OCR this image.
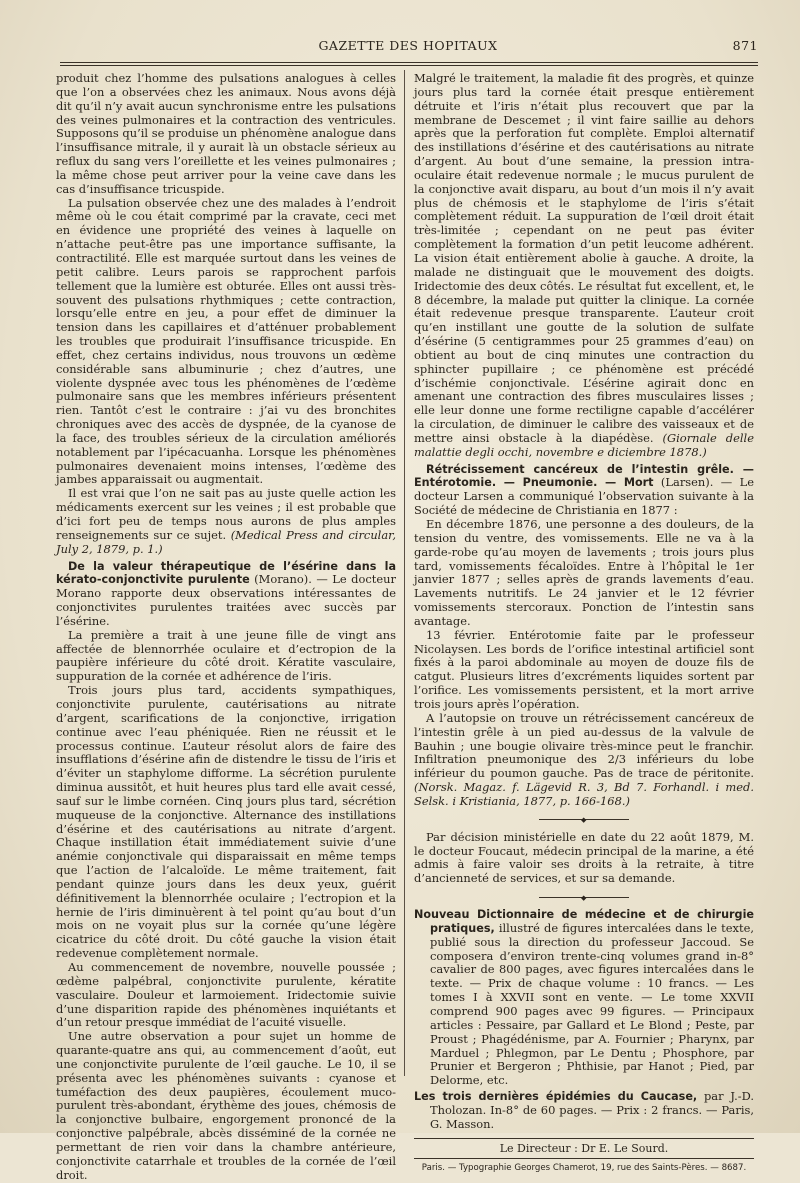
GAZETTE DES HOPITAUX	871

produit chez l’homme des pulsations analogues à celles que l’on a observées chez les animaux. Nous avons déjà dit qu’il n’y avait aucun synchronisme entre les pulsations des veines pulmonaires et la contraction des ventricules. Supposons qu’il se produise un phénomène analogue dans l’insuffisance mitrale, il y aurait là un obstacle sérieux au reflux du sang vers l’oreillette et les veines pulmonaires ; la même chose peut arriver pour la veine cave dans les cas d’insuffisance tricuspide.

La pulsation observée chez une des malades à l’endroit même où le cou était comprimé par la cravate, ceci met en évidence une propriété des veines à laquelle on n’attache peut-être pas une importance suffisante, la contractilité. Elle est marquée surtout dans les veines de petit calibre. Leurs parois se rapprochent parfois tellement que la lumière est obturée. Elles ont aussi très-souvent des pulsations rhythmiques ; cette contraction, lorsqu’elle entre en jeu, a pour effet de diminuer la tension dans les capillaires et d’atténuer probablement les troubles que produirait l’insuffisance tricuspide. En effet, chez certains individus, nous trouvons un œdème considérable sans albuminurie ; chez d’autres, une violente dyspnée avec tous les phénomènes de l’œdème pulmonaire sans que les membres inférieurs présentent rien. Tantôt c’est le contraire : j’ai vu des bronchites chroniques avec des accès de dyspnée, de la cyanose de la face, des troubles sérieux de la circulation améliorés notablement par l’ipécacuanha. Lorsque les phénomènes pulmonaires devenaient moins intenses, l’œdème des jambes apparaissait ou augmentait.

Il est vrai que l’on ne sait pas au juste quelle action les médicaments exercent sur les veines ; il est probable que d’ici fort peu de temps nous aurons de plus amples renseignements sur ce sujet. (Medical Press and circular, July 2, 1879, p. 1.)

De la valeur thérapeutique de l’ésérine dans la kérato-conjonctivite purulente (Morano). — Le docteur Morano rapporte deux observations intéressantes de conjonctivites purulentes traitées avec succès par l’ésérine.

La première a trait à une jeune fille de vingt ans affectée de blennorrhée oculaire et d’ectropion de la paupière inférieure du côté droit. Kératite vasculaire, suppuration de la cornée et adhérence de l’iris.

Trois jours plus tard, accidents sympathiques, conjonctivite purulente, cautérisations au nitrate d’argent, scarifications de la conjonctive, irrigation continue avec l’eau phéniquée. Rien ne réussit et le processus continue. L’auteur résolut alors de faire des insufflations d’ésérine afin de distendre le tissu de l’iris et d’éviter un staphylome difforme. La sécrétion purulente diminua aussitôt, et huit heures plus tard elle avait cessé, sauf sur le limbe cornéen. Cinq jours plus tard, sécrétion muqueuse de la conjonctive. Alternance des instillations d’ésérine et des cautérisations au nitrate d’argent. Chaque instillation était immédiatement suivie d’une anémie conjonctivale qui disparaissait en même temps que l’action de l’alcaloïde. Le même traitement, fait pendant quinze jours dans les deux yeux, guérit définitivement la blennorrhée oculaire ; l’ectropion et la hernie de l’iris diminuèrent à tel point qu’au bout d’un mois on ne voyait plus sur la cornée qu’une légère cicatrice du côté droit. Du côté gauche la vision était redevenue complètement normale.

Au commencement de novembre, nouvelle poussée ; œdème palpébral, conjonctivite purulente, kératite vasculaire. Douleur et larmoiement. Iridectomie suivie d’une disparition rapide des phénomènes inquiétants et d’un retour presque immédiat de l’acuité visuelle.

Une autre observation a pour sujet un homme de quarante-quatre ans qui, au commencement d’août, eut une conjonctivite purulente de l’œil gauche. Le 10, il se présenta avec les phénomènes suivants : cyanose et tuméfaction des deux paupières, écoulement muco-purulent très-abondant, érythème des joues, chémosis de la conjonctive bulbaire, engorgement prononcé de la conjonctive palpébrale, abcès disséminé de la cornée ne permettant de rien voir dans la chambre antérieure, conjonctivite catarrhale et troubles de la cornée de l’œil droit.

Malgré le traitement, la maladie fit des progrès, et quinze jours plus tard la cornée était presque entièrement détruite et l’iris n’était plus recouvert que par la membrane de Descemet ; il vint faire saillie au dehors après que la perforation fut complète. Emploi alternatif des instillations d’ésérine et des cautérisations au nitrate d’argent. Au bout d’une semaine, la pression intra-oculaire était redevenue normale ; le mucus purulent de la conjonctive avait disparu, au bout d’un mois il n’y avait plus de chémosis et le staphylome de l’iris s’était complètement réduit. La suppuration de l’œil droit était très-limitée ; cependant on ne peut pas éviter complètement la formation d’un petit leucome adhérent. La vision était entièrement abolie à gauche. A droite, la malade ne distinguait que le mouvement des doigts. Iridectomie des deux côtés. Le résultat fut excellent, et, le 8 décembre, la malade put quitter la clinique. La cornée était redevenue presque transparente. L’auteur croit qu’en instillant une goutte de la solution de sulfate d’ésérine (5 centigrammes pour 25 grammes d’eau) on obtient au bout de cinq minutes une contraction du sphincter pupillaire ; ce phénomène est précédé d’ischémie conjonctivale. L’ésérine agirait donc en amenant une contraction des fibres musculaires lisses ; elle leur donne une forme rectiligne capable d’accélérer la circulation, de diminuer le calibre des vaisseaux et de mettre ainsi obstacle à la diapédèse. (Giornale delle malattie degli occhi, novembre e diciembre 1878.)

Rétrécissement cancéreux de l’intestin grêle. — Entérotomie. — Pneumonie. — Mort (Larsen). — Le docteur Larsen a communiqué l’observation suivante à la Société de médecine de Christiania en 1877 :

En décembre 1876, une personne a des douleurs, de la tension du ventre, des vomissements. Elle ne va à la garde-robe qu’au moyen de lavements ; trois jours plus tard, vomissements fécaloïdes. Entre à l’hôpital le 1er janvier 1877 ; selles après de grands lavements d’eau. Lavements nutritifs. Le 24 janvier et le 12 février vomissements stercoraux. Ponction de l’intestin sans avantage.

13 février. Entérotomie faite par le professeur Nicolaysen. Les bords de l’orifice intestinal artificiel sont fixés à la paroi abdominale au moyen de douze fils de catgut. Plusieurs litres d’excréments liquides sortent par l’orifice. Les vomissements persistent, et la mort arrive trois jours après l’opération.

A l’autopsie on trouve un rétrécissement cancéreux de l’intestin grêle à un pied au-dessus de la valvule de Bauhin ; une bougie olivaire très-mince peut le franchir. Infiltration pneumonique des 2/3 inférieurs du lobe inférieur du poumon gauche. Pas de trace de péritonite. (Norsk. Magaz. f. Lägevid R. 3, Bd 7. Forhandl. i med. Selsk. i Kristiania, 1877, p. 166-168.)

◆

Par décision ministérielle en date du 22 août 1879, M. le docteur Foucaut, médecin principal de la marine, a été admis à faire valoir ses droits à la retraite, à titre d’ancienneté de services, et sur sa demande.

◆

Nouveau Dictionnaire de médecine et de chirurgie pratiques, illustré de figures intercalées dans le texte, publié sous la direction du professeur Jaccoud. Se composera d’environ trente-cinq volumes grand in-8° cavalier de 800 pages, avec figures intercalées dans le texte. — Prix de chaque volume : 10 francs. — Les tomes I à XXVII sont en vente. — Le tome XXVII comprend 900 pages avec 99 figures. — Principaux articles : Pessaire, par Gallard et Le Blond ; Peste, par Proust ; Phagédénisme, par A. Fournier ; Pharynx, par Marduel ; Phlegmon, par Le Dentu ; Phosphore, par Prunier et Bergeron ; Phthisie, par Hanot ; Pied, par Delorme, etc.

Les trois dernières épidémies du Caucase, par J.-D. Tholozan. In-8° de 60 pages. — Prix : 2 francs. — Paris, G. Masson.

Le Directeur : Dr E. Le Sourd.
Paris. — Typographie Georges Chamerot, 19, rue des Saints-Pères. — 8687.
